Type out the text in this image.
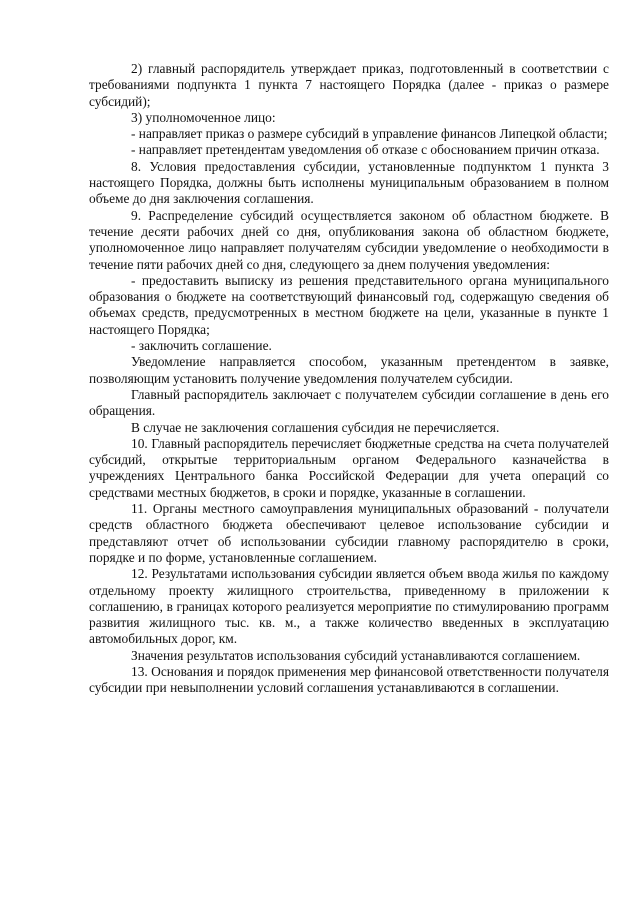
2) главный распорядитель утверждает приказ, подготовленный в соответствии с требованиями подпункта 1 пункта 7 настоящего Порядка (далее - приказ о размере субсидий);

3) уполномоченное лицо:

- направляет приказ о размере субсидий в управление финансов Липецкой области;

- направляет претендентам уведомления об отказе с обоснованием причин отказа.

8. Условия предоставления субсидии, установленные подпунктом 1 пункта 3 настоящего Порядка, должны быть исполнены муниципальным образованием в полном объеме до дня заключения соглашения.

9. Распределение субсидий осуществляется законом об областном бюджете. В течение десяти рабочих дней со дня, опубликования закона об областном бюджете, уполномоченное лицо направляет получателям субсидии уведомление о необходимости в течение пяти рабочих дней со дня, следующего за днем получения уведомления:

- предоставить выписку из решения представительного органа муниципального образования о бюджете на соответствующий финансовый год, содержащую сведения об объемах средств, предусмотренных в местном бюджете на цели, указанные в пункте 1 настоящего Порядка;

- заключить соглашение.

Уведомление направляется способом, указанным претендентом в заявке, позволяющим установить получение уведомления получателем субсидии.

Главный распорядитель заключает с получателем субсидии соглашение в день его обращения.

В случае не заключения соглашения субсидия не перечисляется.

10. Главный распорядитель перечисляет бюджетные средства на счета получателей субсидий, открытые территориальным органом Федерального казначейства в учреждениях Центрального банка Российской Федерации для учета операций со средствами местных бюджетов, в сроки и порядке, указанные в соглашении.

11. Органы местного самоуправления муниципальных образований - получатели средств областного бюджета обеспечивают целевое использование субсидии и представляют отчет об использовании субсидии главному распорядителю в сроки, порядке и по форме, установленные соглашением.

12. Результатами использования субсидии является объем ввода жилья по каждому отдельному проекту жилищного строительства, приведенному в приложении к соглашению, в границах которого реализуется мероприятие по стимулированию программ развития жилищного тыс. кв. м., а также количество введенных в эксплуатацию автомобильных дорог, км.

Значения результатов использования субсидий устанавливаются соглашением.

13. Основания и порядок применения мер финансовой ответственности получателя субсидии при невыполнении условий соглашения устанавливаются в соглашении.
